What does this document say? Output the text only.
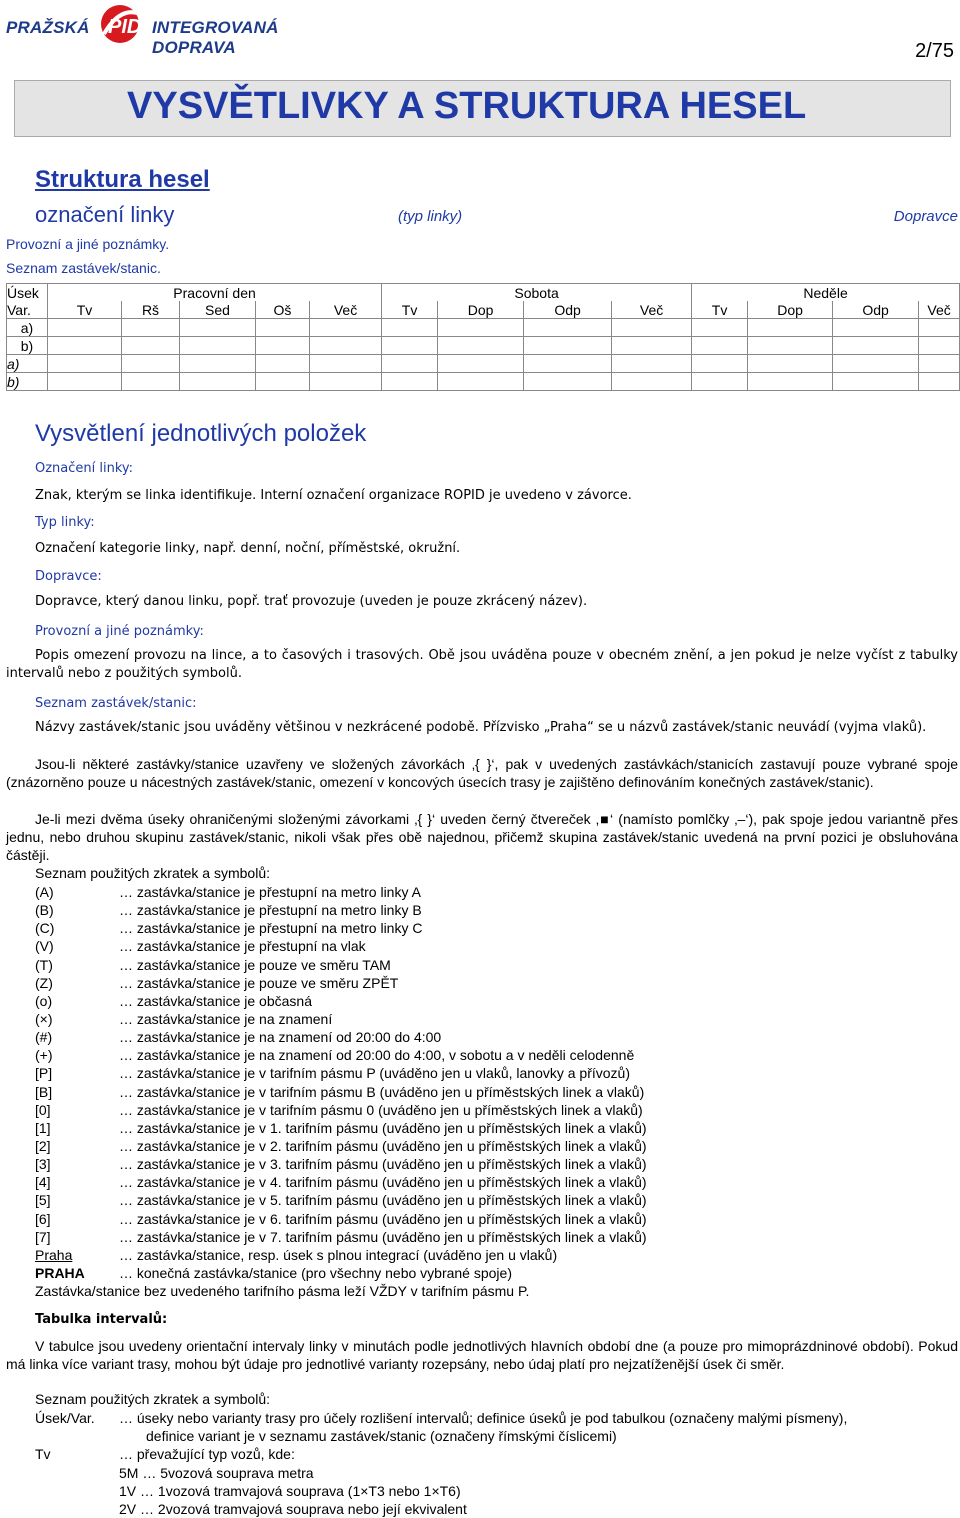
PRAŽSKÁ PID INTEGROVANÁ DOPRAVA	2/75
VYSVĚTLIVKY A STRUKTURA HESEL
Struktura hesel
označení linky	(typ linky)	Dopravce
Provozní a jiné poznámky.
Seznam zastávek/stanic.
Úsek	Pracovní den					Sobota				Neděle			
Var.	Tv	Rš	Sed	Oš	Več	Tv	Dop	Odp	Več	Tv	Dop	Odp	Več
a)													
b)													
a)													
b)													
Vysvětlení jednotlivých položek
Označení linky:
Znak, kterým se linka identifikuje. Interní označení organizace ROPID je uvedeno v závorce.
Typ linky:
Označení kategorie linky, např. denní, noční, příměstské, okružní.
Dopravce:
Dopravce, který danou linku, popř. trať provozuje (uveden je pouze zkrácený název).
Provozní a jiné poznámky:
Popis omezení provozu na lince, a to časových i trasových. Obě jsou uváděna pouze v obecném znění, a jen pokud je nelze vyčíst z tabulky intervalů nebo z použitých symbolů.
Seznam zastávek/stanic:
Názvy zastávek/stanic jsou uváděny většinou v nezkrácené podobě. Přízvisko „Praha“ se u názvů zastávek/stanic neuvádí (vyjma vlaků).
Jsou-li některé zastávky/stanice uzavřeny ve složených závorkách ‚{ }‘, pak v uvedených zastávkách/stanicích zastavují pouze vybrané spoje (znázorněno pouze u nácestných zastávek/stanic, omezení v koncových úsecích trasy je zajištěno definováním konečných zastávek/stanic).
Je-li mezi dvěma úseky ohraničenými složenými závorkami ‚{ }‘ uveden černý čtvereček ‚■‘ (namísto pomlčky ‚–‘), pak spoje jedou variantně přes jednu, nebo druhou skupinu zastávek/stanic, nikoli však přes obě najednou, přičemž skupina zastávek/stanic uvedená na první pozici je obsluhována částěji.
Seznam použitých zkratek a symbolů:
(A)	… zastávka/stanice je přestupní na metro linky A
(B)	… zastávka/stanice je přestupní na metro linky B
(C)	… zastávka/stanice je přestupní na metro linky C
(V)	… zastávka/stanice je přestupní na vlak
(T)	… zastávka/stanice je pouze ve směru TAM
(Z)	… zastávka/stanice je pouze ve směru ZPĚT
(o)	… zastávka/stanice je občasná
(×)	… zastávka/stanice je na znamení
(#)	… zastávka/stanice je na znamení od 20:00 do 4:00
(+)	… zastávka/stanice je na znamení od 20:00 do 4:00, v sobotu a v neděli celodenně
[P]	… zastávka/stanice je v tarifním pásmu P (uváděno jen u vlaků, lanovky a přívozů)
[B]	… zastávka/stanice je v tarifním pásmu B (uváděno jen u příměstských linek a vlaků)
[0]	… zastávka/stanice je v tarifním pásmu 0 (uváděno jen u příměstských linek a vlaků)
[1]	… zastávka/stanice je v 1. tarifním pásmu (uváděno jen u příměstských linek a vlaků)
[2]	… zastávka/stanice je v 2. tarifním pásmu (uváděno jen u příměstských linek a vlaků)
[3]	… zastávka/stanice je v 3. tarifním pásmu (uváděno jen u příměstských linek a vlaků)
[4]	… zastávka/stanice je v 4. tarifním pásmu (uváděno jen u příměstských linek a vlaků)
[5]	… zastávka/stanice je v 5. tarifním pásmu (uváděno jen u příměstských linek a vlaků)
[6]	… zastávka/stanice je v 6. tarifním pásmu (uváděno jen u příměstských linek a vlaků)
[7]	… zastávka/stanice je v 7. tarifním pásmu (uváděno jen u příměstských linek a vlaků)
Praha	… zastávka/stanice, resp. úsek s plnou integrací (uváděno jen u vlaků)
PRAHA … konečná zastávka/stanice (pro všechny nebo vybrané spoje)
Zastávka/stanice bez uvedeného tarifního pásma leží VŽDY v tarifním pásmu P.
Tabulka intervalů:
V tabulce jsou uvedeny orientační intervaly linky v minutách podle jednotlivých hlavních období dne (a pouze pro mimoprázdninové období). Pokud má linka více variant trasy, mohou být údaje pro jednotlivé varianty rozepsány, nebo údaj platí pro nejzatíženější úsek či směr.
Seznam použitých zkratek a symbolů:
Úsek/Var. … úseky nebo varianty trasy pro účely rozlišení intervalů; definice úseků je pod tabulkou (označeny malými písmeny),
definice variant je v seznamu zastávek/stanic (označeny římskými číslicemi)
Tv	… převažující typ vozů, kde:
5M … 5vozová souprava metra
1V … 1vozová tramvajová souprava (1×T3 nebo 1×T6)
2V … 2vozová tramvajová souprava nebo její ekvivalent
